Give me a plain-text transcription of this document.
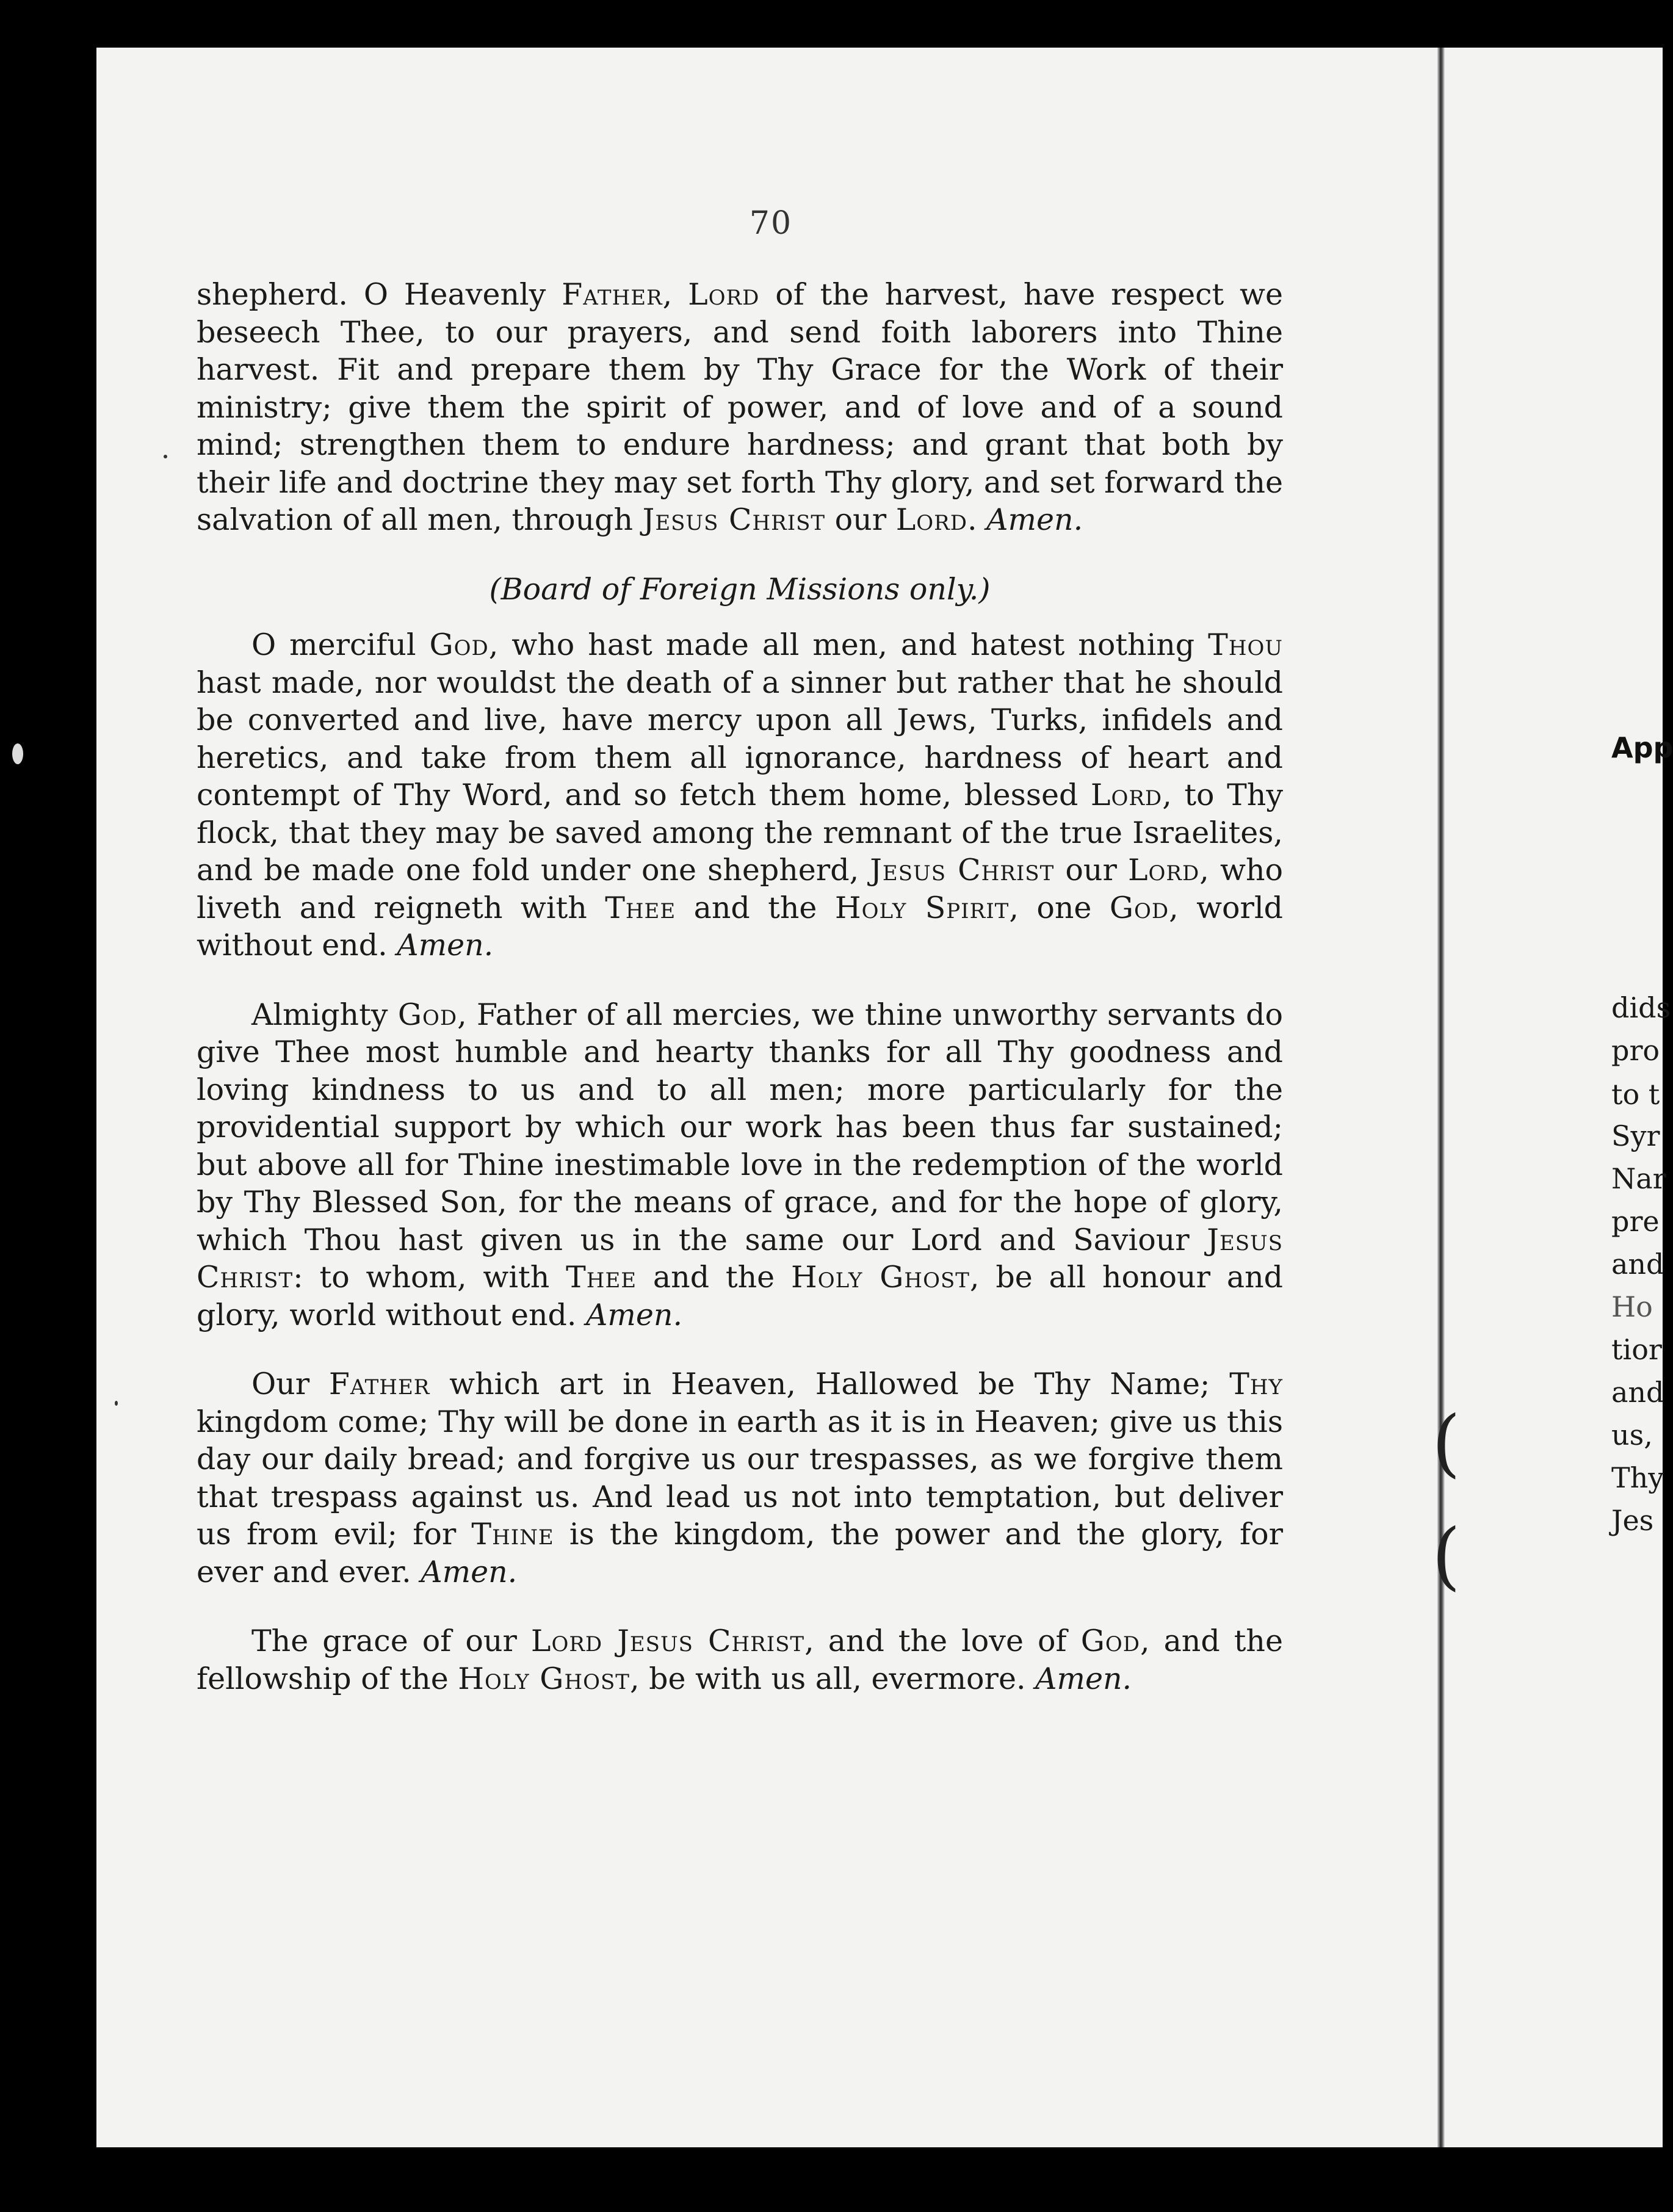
70

shepherd. O Heavenly Father, Lord of the harvest, have respect we beseech Thee, to our prayers, and send foith laborers into Thine harvest. Fit and prepare them by Thy Grace for the Work of their ministry; give them the spirit of power, and of love and of a sound mind; strengthen them to endure hardness; and grant that both by their life and doctrine they may set forth Thy glory, and set forward the salvation of all men, through Jesus Christ our Lord. Amen.

(Board of Foreign Missions only.)

O merciful God, who hast made all men, and hatest nothing Thou hast made, nor wouldst the death of a sinner but rather that he should be converted and live, have mercy upon all Jews, Turks, infidels and heretics, and take from them all ignorance, hardness of heart and contempt of Thy Word, and so fetch them home, blessed Lord, to Thy flock, that they may be saved among the remnant of the true Israelites, and be made one fold under one shepherd, Jesus Christ our Lord, who liveth and reigneth with Thee and the Holy Spirit, one God, world without end. Amen.

Almighty God, Father of all mercies, we thine unworthy servants do give Thee most humble and hearty thanks for all Thy goodness and loving kindness to us and to all men; more particularly for the providential support by which our work has been thus far sustained; but above all for Thine inestimable love in the redemption of the world by Thy Blessed Son, for the means of grace, and for the hope of glory, which Thou hast given us in the same our Lord and Saviour Jesus Christ: to whom, with Thee and the Holy Ghost, be all honour and glory, world without end. Amen.

Our Father which art in Heaven, Hallowed be Thy Name; Thy kingdom come; Thy will be done in earth as it is in Heaven; give us this day our daily bread; and forgive us our trespasses, as we forgive them that trespass against us. And lead us not into temptation, but deliver us from evil; for Thine is the kingdom, the power and the glory, for ever and ever. Amen.

The grace of our Lord Jesus Christ, and the love of God, and the fellowship of the Holy Ghost, be with us all, evermore. Amen.

App
dids
pro
to t
Syr
Nar
pre
and
Ho
tior
and
us,
Thy
Jes
(
(
